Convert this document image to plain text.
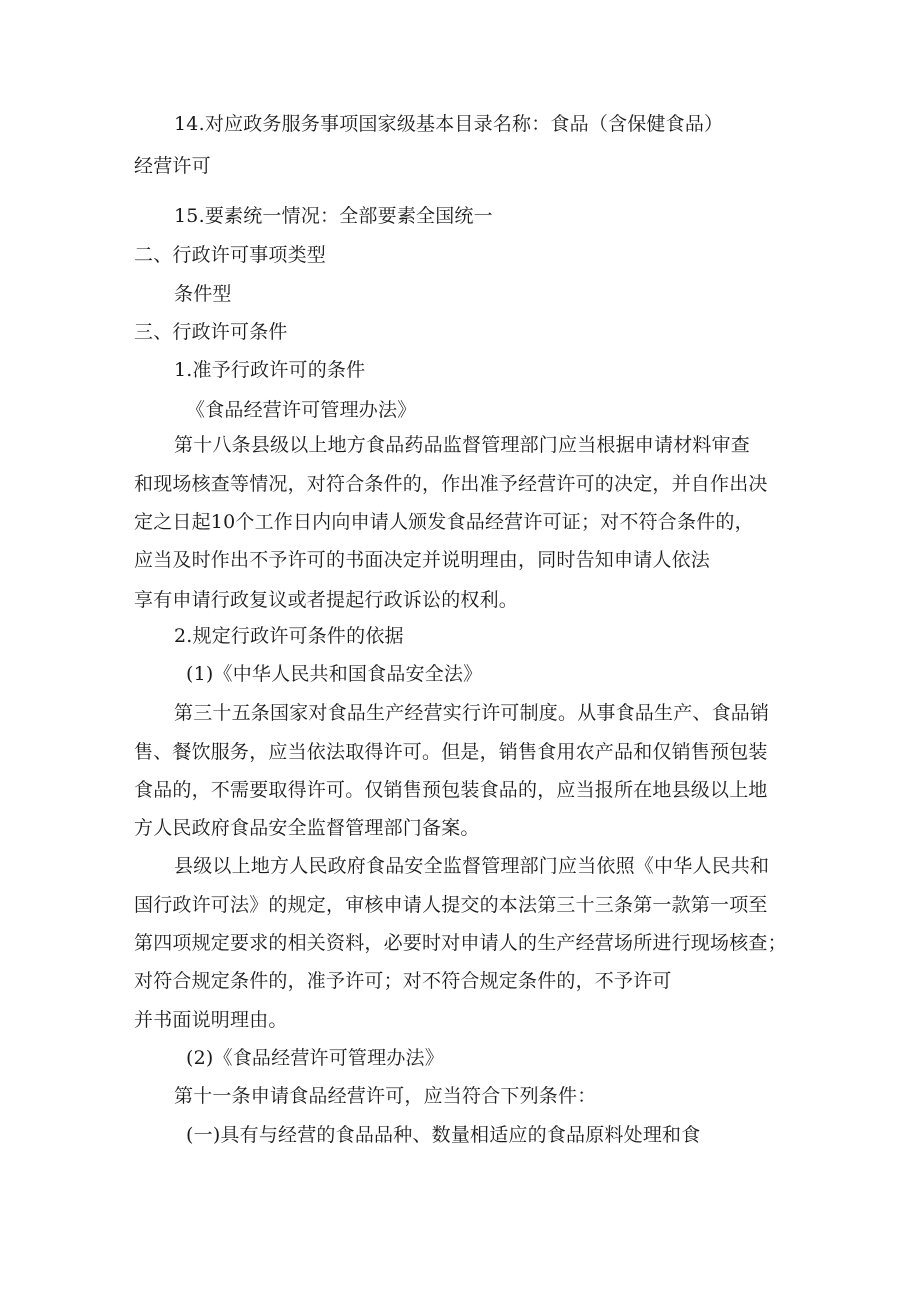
14.对应政务服务事项国家级基本目录名称：食品（含保健食品）
经营许可
15.要素统一情况：全部要素全国统一
二、行政许可事项类型
条件型
三、行政许可条件
1.准予行政许可的条件
《食品经营许可管理办法》
第十八条县级以上地方食品药品监督管理部门应当根据申请材料审查
和现场核查等情况，对符合条件的，作出准予经营许可的决定，并自作出决
定之日起10个工作日内向申请人颁发食品经营许可证；对不符合条件的，
应当及时作出不予许可的书面决定并说明理由，同时告知申请人依法
享有申请行政复议或者提起行政诉讼的权利。
2.规定行政许可条件的依据
(1)《中华人民共和国食品安全法》
第三十五条国家对食品生产经营实行许可制度。从事食品生产、食品销
售、餐饮服务，应当依法取得许可。但是，销售食用农产品和仅销售预包装
食品的，不需要取得许可。仅销售预包装食品的，应当报所在地县级以上地
方人民政府食品安全监督管理部门备案。
县级以上地方人民政府食品安全监督管理部门应当依照《中华人民共和
国行政许可法》的规定，审核申请人提交的本法第三十三条第一款第一项至
第四项规定要求的相关资料，必要时对申请人的生产经营场所进行现场核查；
对符合规定条件的，准予许可；对不符合规定条件的，不予许可
并书面说明理由。
(2)《食品经营许可管理办法》
第十一条申请食品经营许可，应当符合下列条件：
(一)具有与经营的食品品种、数量相适应的食品原料处理和食
